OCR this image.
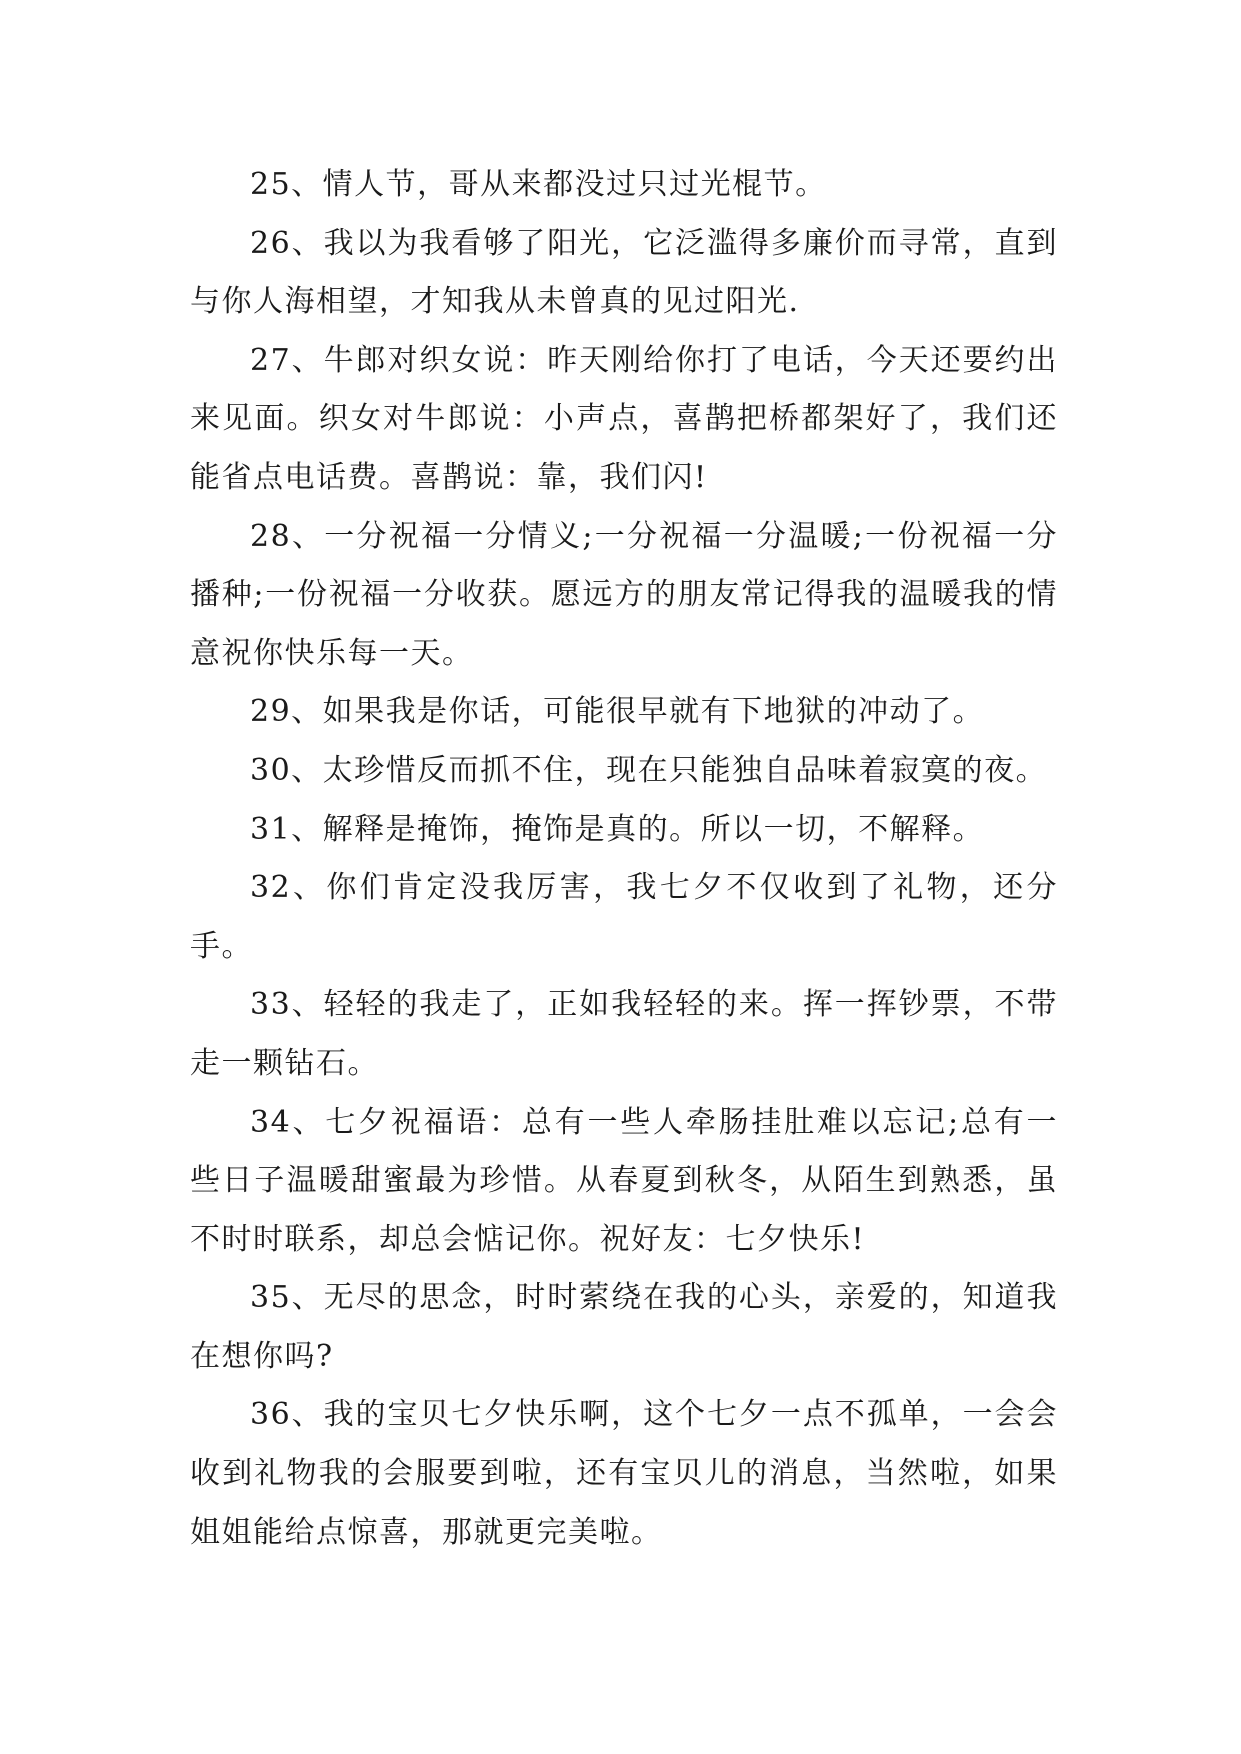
25、情人节，哥从来都没过只过光棍节。

26、我以为我看够了阳光，它泛滥得多廉价而寻常，直到与你人海相望，才知我从未曾真的见过阳光.

27、牛郎对织女说：昨天刚给你打了电话，今天还要约出来见面。织女对牛郎说：小声点，喜鹊把桥都架好了，我们还能省点电话费。喜鹊说：靠，我们闪!

28、一分祝福一分情义;一分祝福一分温暖;一份祝福一分播种;一份祝福一分收获。愿远方的朋友常记得我的温暖我的情意祝你快乐每一天。

29、如果我是你话，可能很早就有下地狱的冲动了。

30、太珍惜反而抓不住，现在只能独自品味着寂寞的夜。

31、解释是掩饰，掩饰是真的。所以一切，不解释。

32、你们肯定没我厉害，我七夕不仅收到了礼物，还分手。

33、轻轻的我走了，正如我轻轻的来。挥一挥钞票，不带走一颗钻石。

34、七夕祝福语：总有一些人牵肠挂肚难以忘记;总有一些日子温暖甜蜜最为珍惜。从春夏到秋冬，从陌生到熟悉，虽不时时联系，却总会惦记你。祝好友：七夕快乐!

35、无尽的思念，时时萦绕在我的心头，亲爱的，知道我在想你吗?

36、我的宝贝七夕快乐啊，这个七夕一点不孤单，一会会收到礼物我的会服要到啦，还有宝贝儿的消息，当然啦，如果姐姐能给点惊喜，那就更完美啦。
